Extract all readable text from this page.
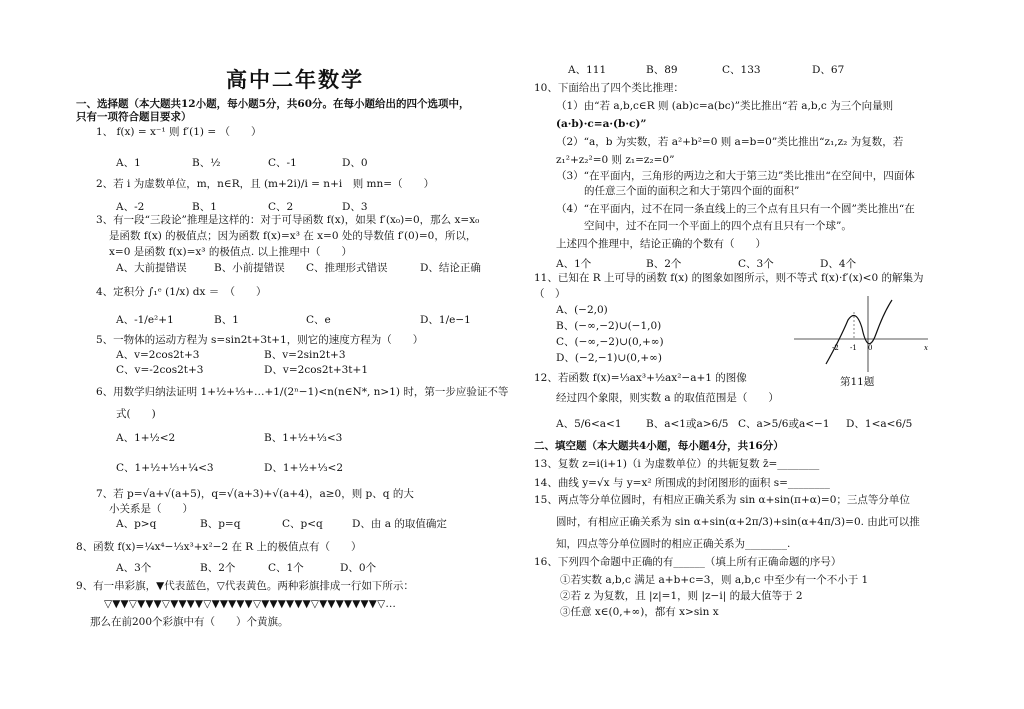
高中二年数学
一、选择题（本大题共12小题，每小题5分，共60分。在每小题给出的四个选项中，
只有一项符合题目要求）
1、 f(x) = x⁻¹ 则 f′(1) = （　　）
A、1	B、½	C、-1	D、0
2、若 i 为虚数单位，m，n∈R，且 (m+2i)/i = n+i　则 mn=（　　）
A、-2	B、1	C、2	D、3
3、有一段“三段论”推理是这样的：对于可导函数 f(x)，如果 f′(x₀)=0，那么 x=x₀
是函数 f(x) 的极值点；因为函数 f(x)=x³ 在 x=0 处的导数值 f′(0)=0，所以，
x=0 是函数 f(x)=x³ 的极值点. 以上推理中（　　）
A、大前提错误	B、小前提错误 C、推理形式错误	D、结论正确
4、定积分 ∫₁ᵉ (1/x) dx ＝　（　　）
A、-1/e²+1	B、1	C、e	D、1/e−1
5、一物体的运动方程为 s=sin2t+3t+1，则它的速度方程为（　　）
A、v=2cos2t+3	B、v=2sin2t+3
C、v=-2cos2t+3	D、v=2cos2t+3t+1
6、用数学归纳法证明 1+½+⅓+…+1/(2ⁿ−1)<n(n∈N*, n>1) 时，第一步应验证不等
式(　　)
A、1+½<2	B、1+½+⅓<3
C、1+½+⅓+¼<3	D、1+½+⅓<2
7、若 p=√a+√(a+5)，q=√(a+3)+√(a+4)，a≥0，则 p、q 的大
小关系是（　　）
A、p>q	B、p=q	C、p<q	D、由 a 的取值确定
8、函数 f(x)=¼x⁴−⅓x³+x²−2 在 R 上的极值点有（　　）
A、3个	B、2个	C、1个	D、0个
9、有一串彩旗，▼代表蓝色，▽代表黄色。两种彩旗排成一行如下所示：
▽▼▼▽▼▼▼▽▼▼▼▼▽▼▼▼▼▼▽▼▼▼▼▼▼▽▼▼▼▼▼▼▼▽…
那么在前200个彩旗中有（　　）个黄旗。
A、111	B、89	C、133	D、67
10、下面给出了四个类比推理：
（1）由“若 a,b,c∈R 则 (ab)c=a(bc)”类比推出“若 a,b,c 为三个向量则
(a·b)·c=a·(b·c)”
（2）“a，b 为实数，若 a²+b²=0 则 a=b=0”类比推出“z₁,z₂ 为复数，若
z₁²+z₂²=0 则 z₁=z₂=0”
（3）“在平面内，三角形的两边之和大于第三边”类比推出“在空间中，四面体
的任意三个面的面积之和大于第四个面的面积”
（4）“在平面内，过不在同一条直线上的三个点有且只有一个圆”类比推出“在
空间中，过不在同一个平面上的四个点有且只有一个球”。
上述四个推理中，结论正确的个数有（　　）
A、1个	B、2个	C、3个	D、4个
11、已知在 R 上可导的函数 f(x) 的图象如图所示，则不等式 f(x)·f′(x)<0 的解集为
（　）
A、(−2,0)
B、(−∞,−2)∪(−1,0)
C、(−∞,−2)∪(0,+∞)
D、(−2,−1)∪(0,+∞)
-2 -1 0	x
第11题
12、若函数 f(x)=⅓ax³+½ax²−a+1 的图像
经过四个象限，则实数 a 的取值范围是（　　）
A、5/6<a<1 B、a<1或a>6/5 C、a>5/6或a<−1 D、1<a<6/5
二、填空题（本大题共4小题，每小题4分，共16分）
13、复数 z=i(i+1)（i 为虚数单位）的共轭复数 z̄=________
14、曲线 y=√x 与 y=x² 所围成的封闭图形的面积 s=________
15、两点等分单位圆时，有相应正确关系为 sin α+sin(π+α)=0；三点等分单位
圆时，有相应正确关系为 sin α+sin(α+2π/3)+sin(α+4π/3)=0. 由此可以推
知，四点等分单位圆时的相应正确关系为________.
16、下列四个命题中正确的有______（填上所有正确命题的序号）
①若实数 a,b,c 满足 a+b+c=3，则 a,b,c 中至少有一个不小于 1
②若 z 为复数，且 |z|=1，则 |z−i| 的最大值等于 2
③任意 x∈(0,+∞)，都有 x>sin x
